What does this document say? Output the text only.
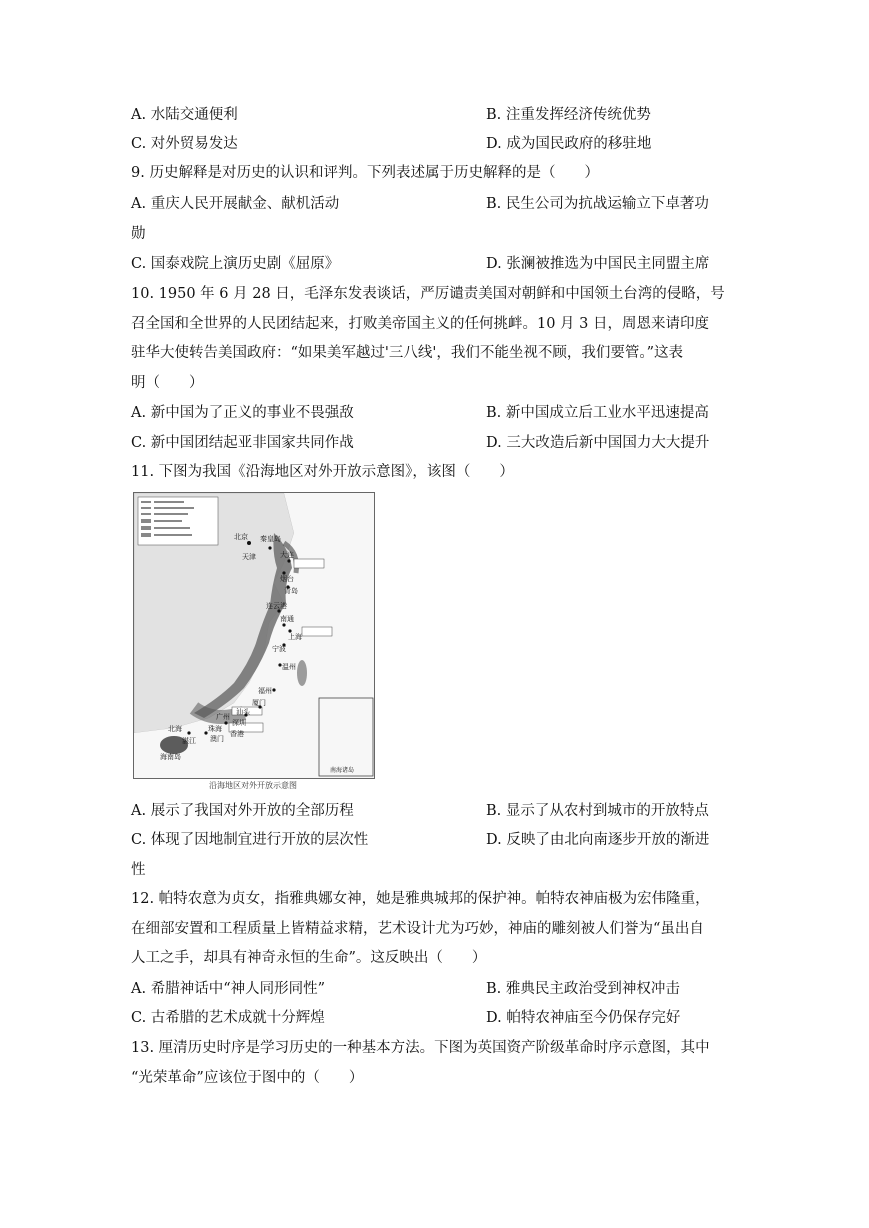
A. 水陆交通便利	B. 注重发挥经济传统优势
C. 对外贸易发达	D. 成为国民政府的移驻地
9. 历史解释是对历史的认识和评判。下列表述属于历史解释的是（　　）
A. 重庆人民开展献金、献机活动	B. 民生公司为抗战运输立下卓著功
勋
C. 国泰戏院上演历史剧《屈原》	D. 张澜被推选为中国民主同盟主席
10. 1950 年 6 月 28 日，毛泽东发表谈话，严厉谴责美国对朝鲜和中国领土台湾的侵略，号
召全国和全世界的人民团结起来，打败美帝国主义的任何挑衅。10 月 3 日，周恩来请印度
驻华大使转告美国政府：“如果美军越过'三八线'，我们不能坐视不顾，我们要管。”这表
明（　　）
A. 新中国为了正义的事业不畏强敌	B. 新中国成立后工业水平迅速提高
C. 新中国团结起亚非国家共同作战	D. 三大改造后新中国国力大大提升
11. 下图为我国《沿海地区对外开放示意图》，该图（　　）
北京
天津
秦皇岛
大连
烟台
青岛
连云港
南通
上海
宁波
温州
福州
厦门
广州
汕头
深圳
珠海
香港
澳门
湛江
北海
海南岛
南海诸岛
沿海地区对外开放示意图
A. 展示了我国对外开放的全部历程	B. 显示了从农村到城市的开放特点
C. 体现了因地制宜进行开放的层次性	D. 反映了由北向南逐步开放的渐进
性
12. 帕特农意为贞女，指雅典娜女神，她是雅典城邦的保护神。帕特农神庙极为宏伟隆重，
在细部安置和工程质量上皆精益求精，艺术设计尤为巧妙，神庙的雕刻被人们誉为“虽出自
人工之手，却具有神奇永恒的生命”。这反映出（　　）
A. 希腊神话中“神人同形同性”	B. 雅典民主政治受到神权冲击
C. 古希腊的艺术成就十分辉煌	D. 帕特农神庙至今仍保存完好
13. 厘清历史时序是学习历史的一种基本方法。下图为英国资产阶级革命时序示意图，其中
“光荣革命”应该位于图中的（　　）
